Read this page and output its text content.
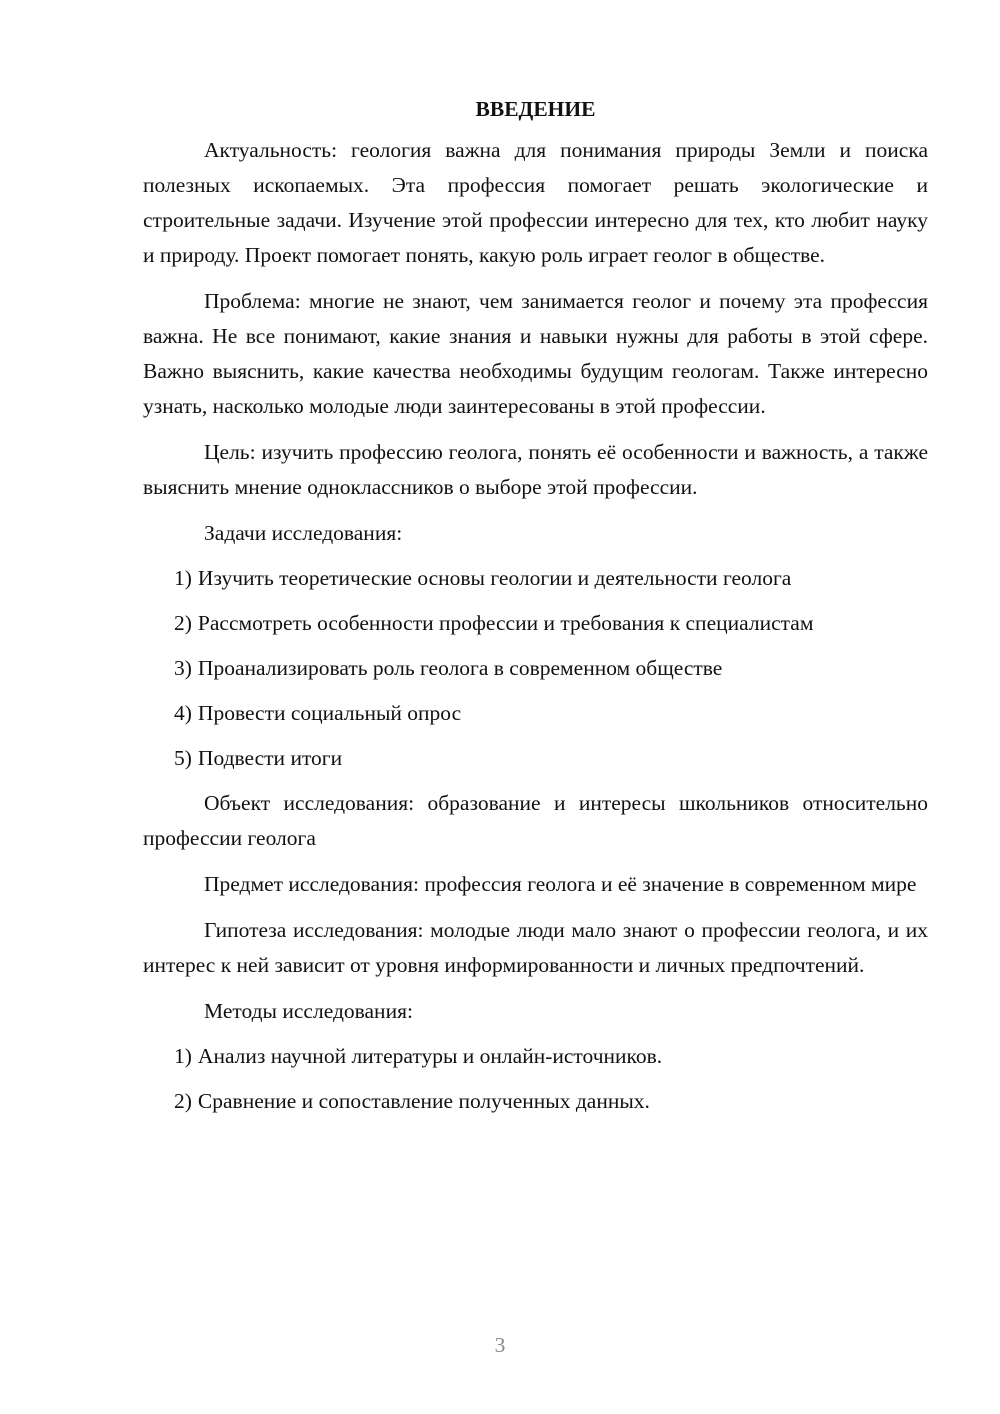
ВВЕДЕНИЕ

Актуальность: геология важна для понимания природы Земли и поиска полезных ископаемых. Эта профессия помогает решать экологические и строительные задачи. Изучение этой профессии интересно для тех, кто любит науку и природу. Проект помогает понять, какую роль играет геолог в обществе.

Проблема: многие не знают, чем занимается геолог и почему эта профессия важна. Не все понимают, какие знания и навыки нужны для работы в этой сфере. Важно выяснить, какие качества необходимы будущим геологам. Также интересно узнать, насколько молодые люди заинтересованы в этой профессии.

Цель: изучить профессию геолога, понять её особенности и важность, а также выяснить мнение одноклассников о выборе этой профессии.

Задачи исследования:

1) Изучить теоретические основы геологии и деятельности геолога
2) Рассмотреть особенности профессии и требования к специалистам
3) Проанализировать роль геолога в современном обществе
4) Провести социальный опрос
5) Подвести итоги

Объект исследования: образование и интересы школьников относительно профессии геолога

Предмет исследования: профессия геолога и её значение в современном мире

Гипотеза исследования: молодые люди мало знают о профессии геолога, и их интерес к ней зависит от уровня информированности и личных предпочтений.

Методы исследования:

1) Анализ научной литературы и онлайн-источников.
2) Сравнение и сопоставление полученных данных.
3
